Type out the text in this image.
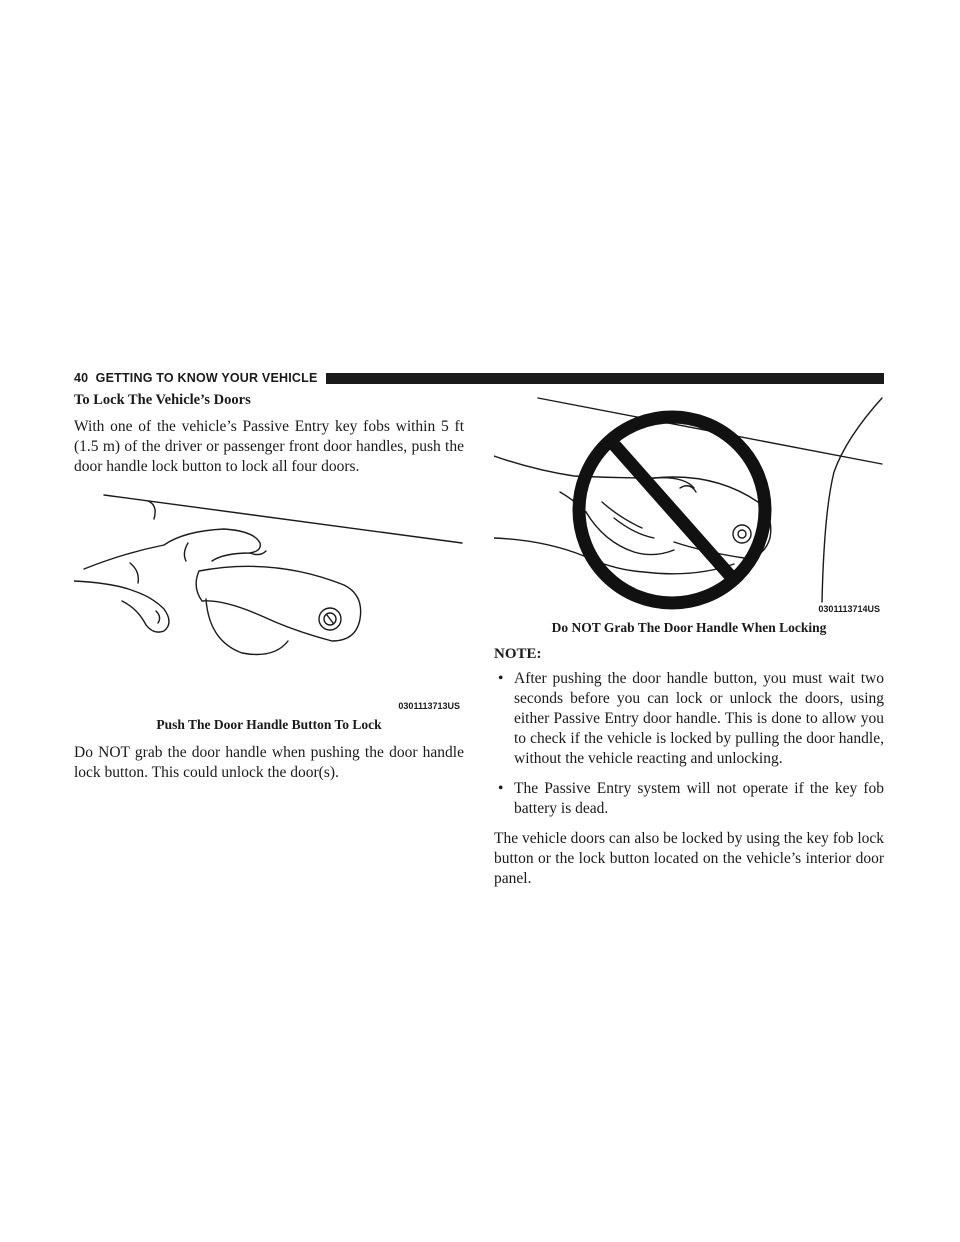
40 GETTING TO KNOW YOUR VEHICLE

To Lock The Vehicle’s Doors

With one of the vehicle’s Passive Entry key fobs within 5 ft (1.5 m) of the driver or passenger front door handles, push the door handle lock button to lock all four doors.

0301113713US

Push The Door Handle Button To Lock

Do NOT grab the door handle when pushing the door handle lock button. This could unlock the door(s).

0301113714US

Do NOT Grab The Door Handle When Locking

NOTE:

• After pushing the door handle button, you must wait two seconds before you can lock or unlock the doors, using either Passive Entry door handle. This is done to allow you to check if the vehicle is locked by pulling the door handle, without the vehicle reacting and unlocking.
• The Passive Entry system will not operate if the key fob battery is dead.

The vehicle doors can also be locked by using the key fob lock button or the lock button located on the vehicle’s interior door panel.
